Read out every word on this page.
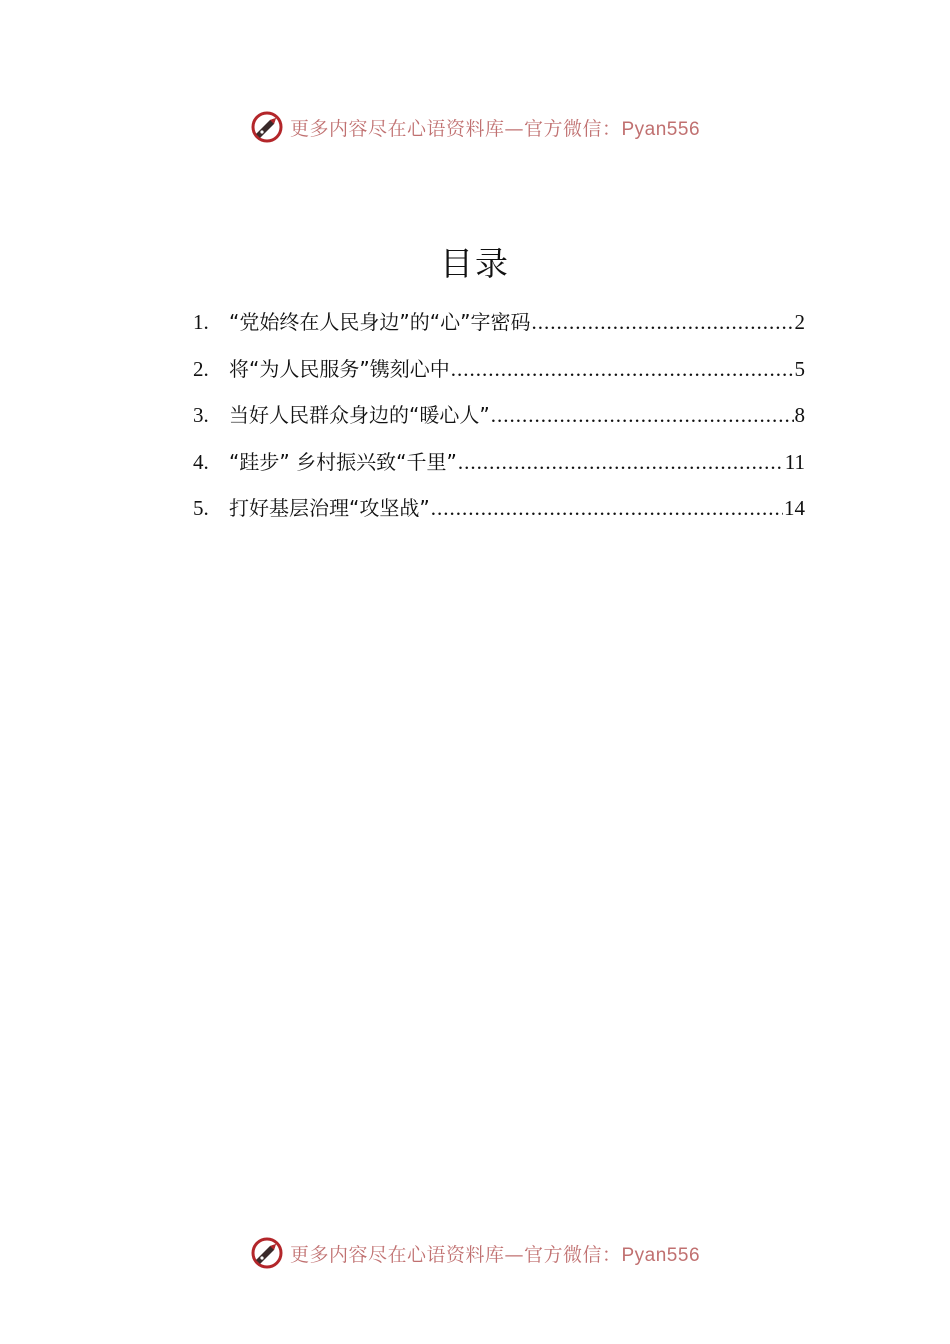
更多内容尽在心语资料库—官方微信：Pyan556
目录
1.	“党始终在人民身边”的“心”字密码 .....	2
2.	将“为人民服务”镌刻心中 .....	5
3.	当好人民群众身边的“暖心人” .....	8
4.	“跬步” 乡村振兴致“千里” .....	11
5.	打好基层治理“攻坚战” .....	14
更多内容尽在心语资料库—官方微信：Pyan556
